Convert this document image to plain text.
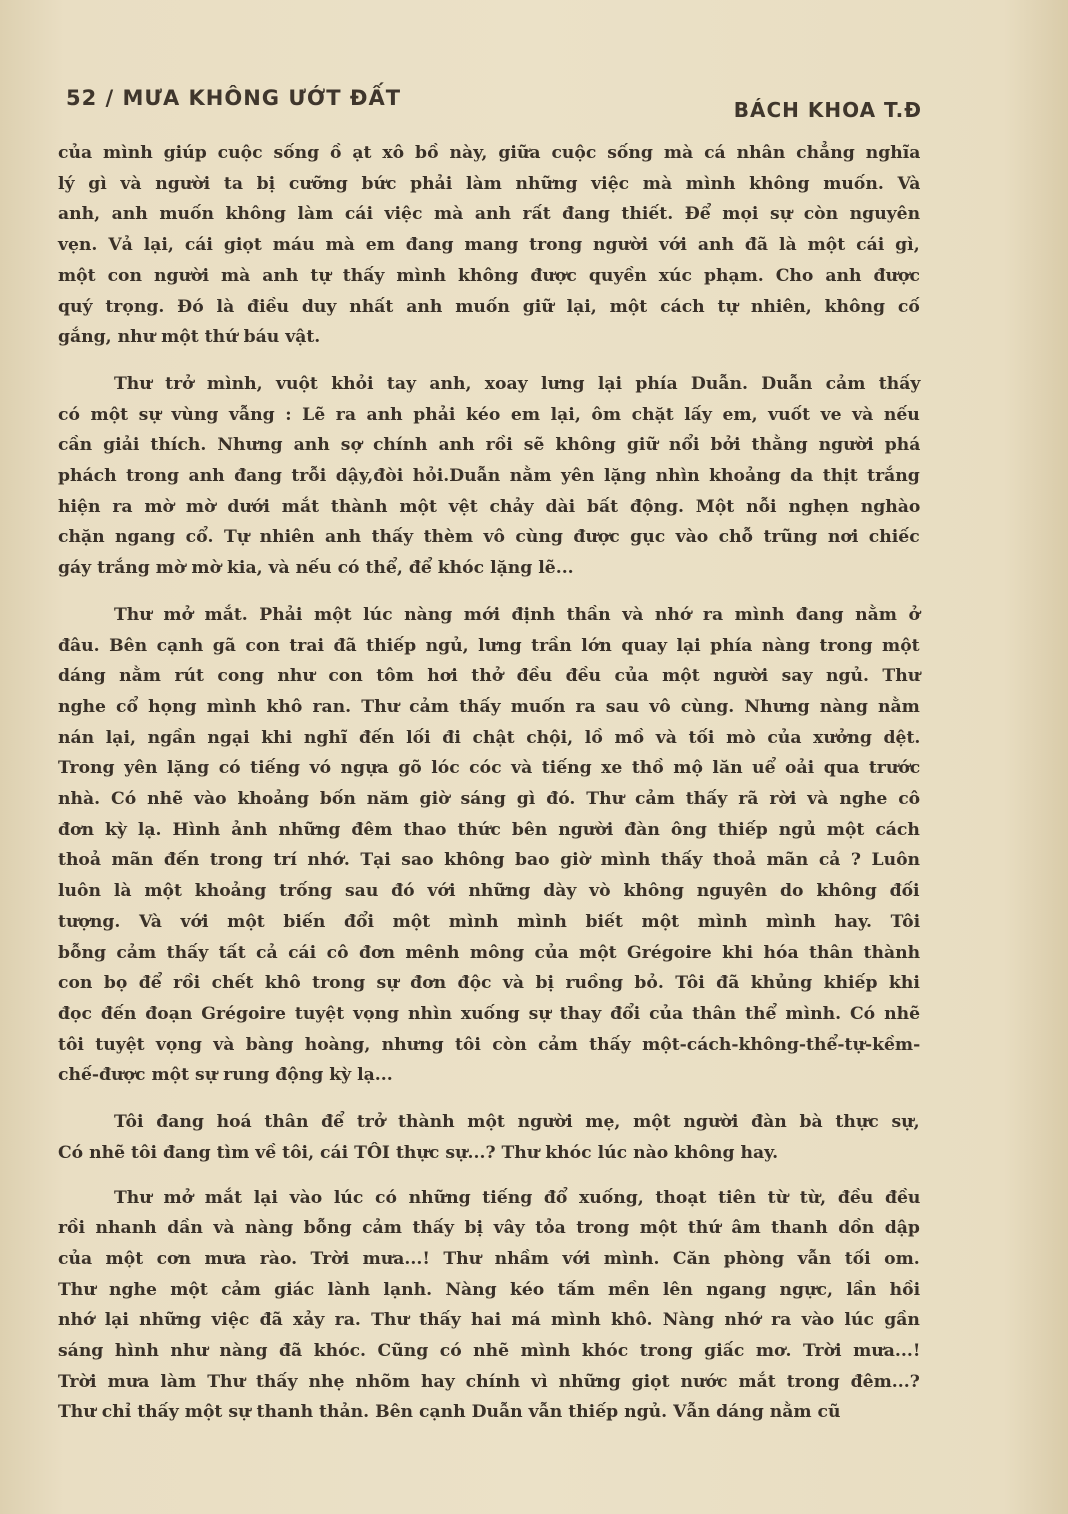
52 / MƯA KHÔNG ƯỚT ĐẤT	BÁCH KHOA T.Đ

của mình giúp cuộc sống ồ ạt xô bồ này, giữa cuộc sống mà cá nhân chẳng nghĩa
lý gì và người ta bị cưỡng bức phải làm những việc mà mình không muốn. Và
anh, anh muốn không làm cái việc mà anh rất đang thiết. Để mọi sự còn nguyên
vẹn. Vả lại, cái giọt máu mà em đang mang trong người với anh đã là một cái gì,
một con người mà anh tự thấy mình không được quyền xúc phạm. Cho anh được
quý trọng. Đó là điều duy nhất anh muốn giữ lại, một cách tự nhiên, không cố
gắng, như một thứ báu vật.

Thư trở mình, vuột khỏi tay anh, xoay lưng lại phía Duẫn. Duẫn cảm thấy
có một sự vùng vẫng : Lẽ ra anh phải kéo em lại, ôm chặt lấy em, vuốt ve và nếu
cần giải thích. Nhưng anh sợ chính anh rồi sẽ không giữ nổi bởi thằng người phá
phách trong anh đang trỗi dậy,đòi hỏi.Duẫn nằm yên lặng nhìn khoảng da thịt trắng
hiện ra mờ mờ dưới mắt thành một vệt chảy dài bất động. Một nỗi nghẹn nghào
chặn ngang cổ. Tự nhiên anh thấy thèm vô cùng được gục vào chỗ trũng nơi chiếc
gáy trắng mờ mờ kia, và nếu có thể, để khóc lặng lẽ...

Thư mở mắt. Phải một lúc nàng mới định thần và nhớ ra mình đang nằm ở
đâu. Bên cạnh gã con trai đã thiếp ngủ, lưng trần lớn quay lại phía nàng trong một
dáng nằm rút cong như con tôm hơi thở đều đều của một người say ngủ. Thư
nghe cổ họng mình khô ran. Thư cảm thấy muốn ra sau vô cùng. Nhưng nàng nằm
nán lại, ngần ngại khi nghĩ đến lối đi chật chội, lồ mồ và tối mò của xưởng dệt.
Trong yên lặng có tiếng vó ngựa gõ lóc cóc và tiếng xe thồ mộ lăn uể oải qua trước
nhà. Có nhẽ vào khoảng bốn năm giờ sáng gì đó. Thư cảm thấy rã rời và nghe cô
đơn kỳ lạ. Hình ảnh những đêm thao thức bên người đàn ông thiếp ngủ một cách
thoả mãn đến trong trí nhớ. Tại sao không bao giờ mình thấy thoả mãn cả ? Luôn
luôn là một khoảng trống sau đó với những dày vò không nguyên do không đối
tượng. Và với một biến đổi một mình mình biết một mình mình hay. Tôi
bỗng cảm thấy tất cả cái cô đơn mênh mông của một Grégoire khi hóa thân thành
con bọ để rồi chết khô trong sự đơn độc và bị ruồng bỏ. Tôi đã khủng khiếp khi
đọc đến đoạn Grégoire tuyệt vọng nhìn xuống sự thay đổi của thân thể mình. Có nhẽ
tôi tuyệt vọng và bàng hoàng, nhưng tôi còn cảm thấy một-cách-không-thể-tự-kềm-
chế-được một sự rung động kỳ lạ...

Tôi đang hoá thân để trở thành một người mẹ, một người đàn bà thực sự,
Có nhẽ tôi đang tìm về tôi, cái TÔI thực sự...? Thư khóc lúc nào không hay.

Thư mở mắt lại vào lúc có những tiếng đổ xuống, thoạt tiên từ từ, đều đều
rồi nhanh dần và nàng bỗng cảm thấy bị vây tỏa trong một thứ âm thanh dồn dập
của một cơn mưa rào. Trời mưa...! Thư nhầm với mình. Căn phòng vẫn tối om.
Thư nghe một cảm giác lành lạnh. Nàng kéo tấm mền lên ngang ngực, lần hồi
nhớ lại những việc đã xảy ra. Thư thấy hai má mình khô. Nàng nhớ ra vào lúc gần
sáng hình như nàng đã khóc. Cũng có nhẽ mình khóc trong giấc mơ. Trời mưa...!
Trời mưa làm Thư thấy nhẹ nhõm hay chính vì những giọt nước mắt trong đêm...?
Thư chỉ thấy một sự thanh thản. Bên cạnh Duẫn vẫn thiếp ngủ. Vẫn dáng nằm cũ
